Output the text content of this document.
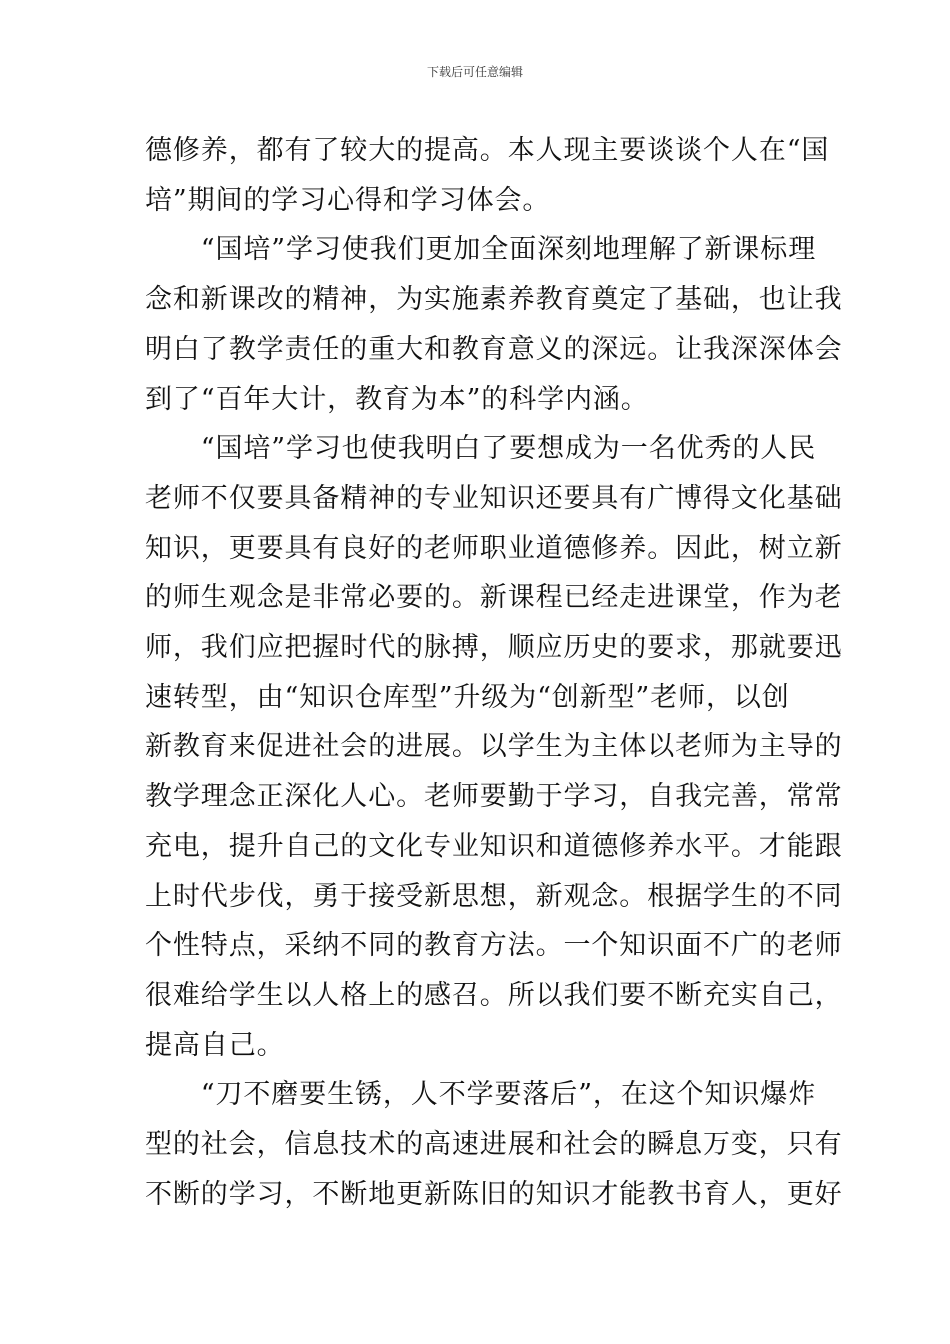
下载后可任意编辑

德修养，都有了较大的提高。本人现主要谈谈个人在“国

培”期间的学习心得和学习体会。

　　“国培”学习使我们更加全面深刻地理解了新课标理

念和新课改的精神，为实施素养教育奠定了基础，也让我

明白了教学责任的重大和教育意义的深远。让我深深体会

到了“百年大计，教育为本”的科学内涵。

　　“国培”学习也使我明白了要想成为一名优秀的人民

老师不仅要具备精神的专业知识还要具有广博得文化基础

知识，更要具有良好的老师职业道德修养。因此，树立新

的师生观念是非常必要的。新课程已经走进课堂，作为老

师，我们应把握时代的脉搏，顺应历史的要求，那就要迅

速转型，由“知识仓库型”升级为“创新型”老师，以创

新教育来促进社会的进展。以学生为主体以老师为主导的

教学理念正深化人心。老师要勤于学习，自我完善，常常

充电，提升自己的文化专业知识和道德修养水平。才能跟

上时代步伐，勇于接受新思想，新观念。根据学生的不同

个性特点，采纳不同的教育方法。一个知识面不广的老师

很难给学生以人格上的感召。所以我们要不断充实自己，

提高自己。

　　“刀不磨要生锈，人不学要落后”，在这个知识爆炸

型的社会，信息技术的高速进展和社会的瞬息万变，只有

不断的学习，不断地更新陈旧的知识才能教书育人，更好
